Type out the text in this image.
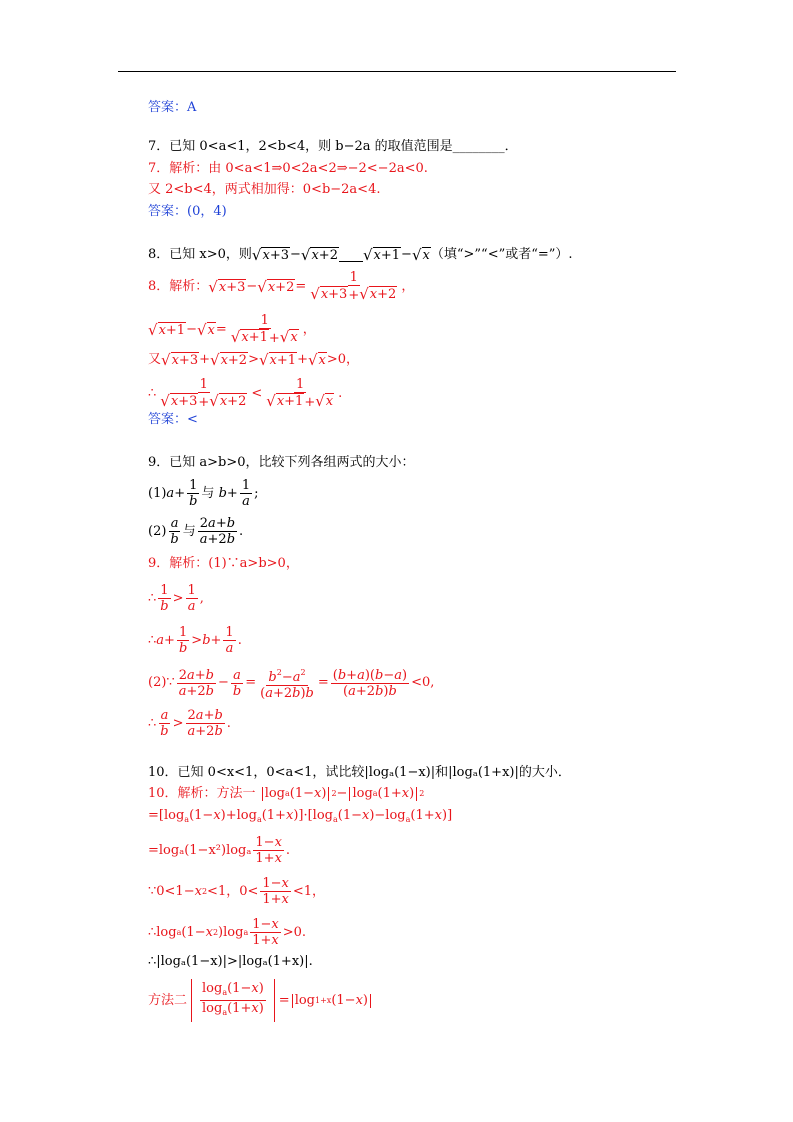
答案：A
7．已知 0<a<1，2<b<4，则 b−2a 的取值范围是________．
7．解析：由 0<a<1⇒0<2a<2⇒−2<−2a<0.
又 2<b<4，两式相加得：0<b−2a<4.
答案：(0，4)
8．已知 x>0，则 √ x+3 − √ x+2 √ x+1 − √ x （填“>”“<”或者“=”）.
8．解析： √ x+3 − √ $x+2 = \frac{1}{√ x+3 + √ x+2}$ ，
√ x+1 − √ $x = \frac{1}{√ x+1 + √ x}$ ，
又 √ x+3 + √ x+2 > √ x+1 + √ x >0，
∴ $\frac{1}{√ x+3 + √ x+2} < \frac{1}{√ x+1 + √ x}$ .
答案：<
9．已知 a>b>0，比较下列各组两式的大小：
(1) $a + \frac{1}{b}$ 与
$b + \frac{1}{a}$ ;
$(2) \frac{a}{b}$ 与 $\frac{2a+b}{a+2b}$ .
9．解析：(1)∵a>b>0，
∴ $\frac{1}{b} > \frac{1}{a}$ ,
∴ $a + \frac{1}{b} > b + \frac{1}{a}$ .
(2)∵ $\frac{2a+b}{a+2b} - \frac{a}{b} = \frac{b^2-a^2}{(a+2b)b} = \frac{(b+a)(b-a)}{(a+2b)b} <0$,
∴ $\frac{a}{b} > \frac{2a+b}{a+2b}$ .
10．已知 0<x<1，0<a<1，试比较|logₐ(1−x)|和|logₐ(1+x)|的大小．
10．解析：方法一
log a (1− x ) 2 − log a (1+ x ) 2
$=[\log_a(1-x)+\log_a(1+x)]\cdot[\log_a(1-x)-\log_a(1+x)]$
$=\log_a(1-x^2)\log_a \frac{1-x}{1+x}$ .
∵0<1− x 2 <1，$0< \frac{1-x}{1+x} <1$，
∴log a (1− x 2 )log a $\frac{1-x}{1+x} >0$.
∴|logₐ(1−x)|>|logₐ(1+x)|.
方法二 $\frac{\log_a(1-x)}{\log_a(1+x)} = \log 1+x$ (1− x )
